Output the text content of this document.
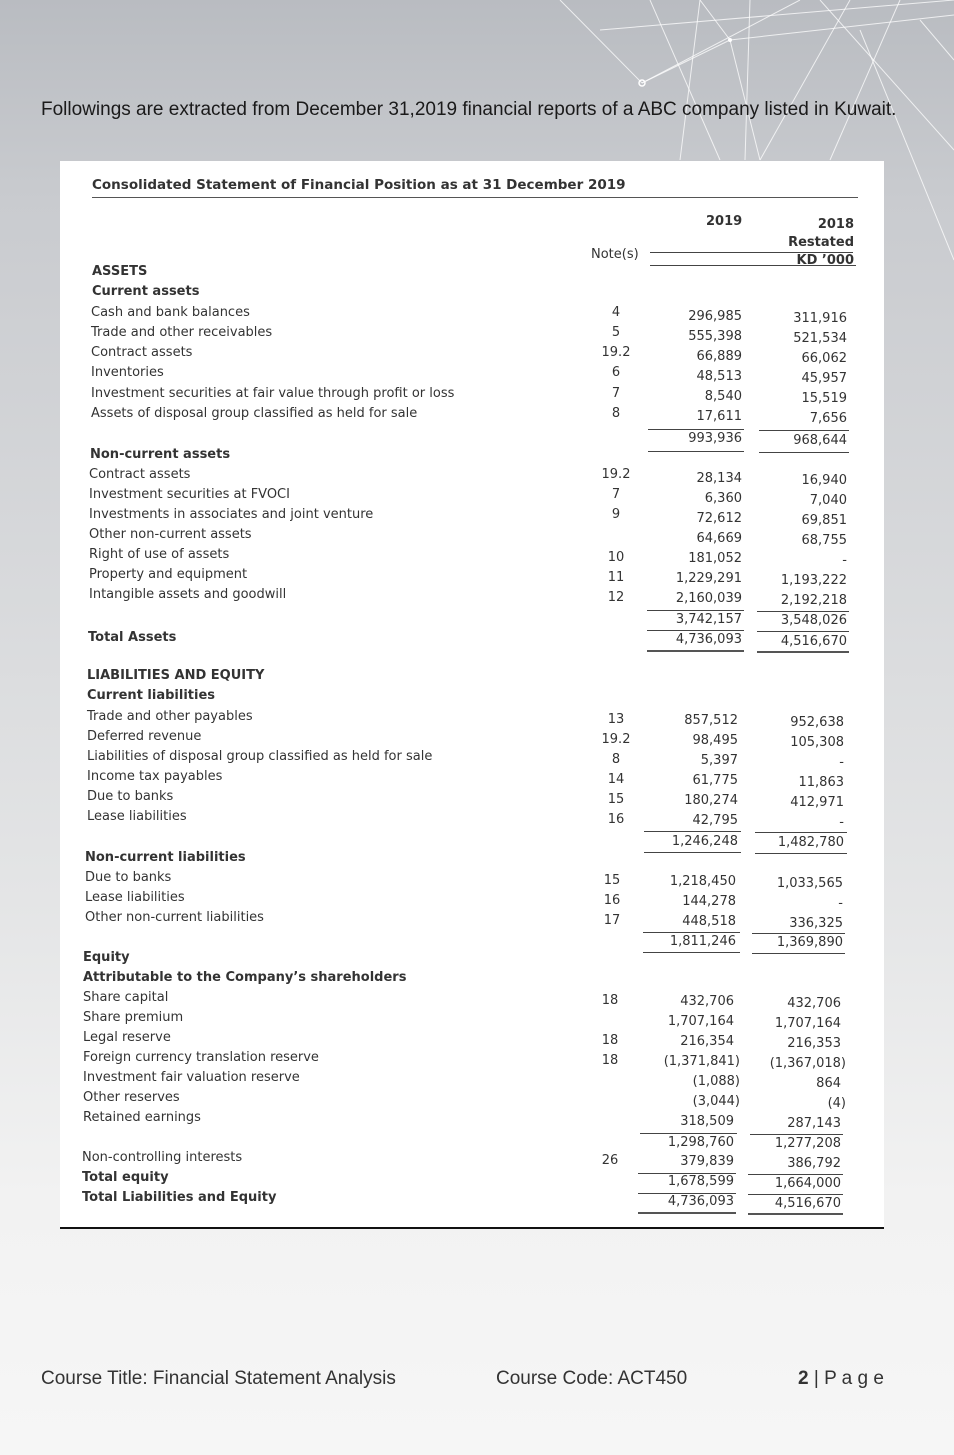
Followings are extracted from December 31,2019 financial reports of a ABC company listed in Kuwait.
Consolidated Statement of Financial Position as at 31 December 2019
2019	2018
Restated
KD ’000
Note(s)
ASSETS
Current assets
Cash and bank balances	4	296,985	311,916
Trade and other receivables	5	555,398	521,534
Contract assets	19.2	66,889	66,062
Inventories	6	48,513	45,957
Investment securities at fair value through profit or loss	7	8,540	15,519
Assets of disposal group classified as held for sale	8	17,611	7,656
993,936	968,644
Non-current assets
Contract assets	19.2	28,134	16,940
Investment securities at FVOCI	7	6,360	7,040
Investments in associates and joint venture	9	72,612	69,851
Other non-current assets	64,669	68,755
Right of use of assets	10	181,052	-
Property and equipment	11	1,229,291	1,193,222
Intangible assets and goodwill	12	2,160,039	2,192,218
3,742,157	3,548,026
Total Assets	4,736,093	4,516,670
LIABILITIES AND EQUITY
Current liabilities
Trade and other payables	13	857,512	952,638
Deferred revenue	19.2	98,495	105,308
Liabilities of disposal group classified as held for sale	8	5,397	-
Income tax payables	14	61,775	11,863
Due to banks	15	180,274	412,971
Lease liabilities	16	42,795	-
1,246,248	1,482,780
Non-current liabilities
Due to banks	15	1,218,450	1,033,565
Lease liabilities	16	144,278	-
Other non-current liabilities	17	448,518	336,325
1,811,246	1,369,890
Equity
Attributable to the Company’s shareholders
Share capital	18	432,706	432,706
Share premium	1,707,164	1,707,164
Legal reserve	18	216,354	216,353
Foreign currency translation reserve	18	(1,371,841) (1,367,018)
Investment fair valuation reserve	(1,088)	864
Other reserves	(3,044)	(4)
Retained earnings	318,509	287,143
1,298,760	1,277,208
Non-controlling interests	26	379,839	386,792
Total equity	1,678,599	1,664,000
Total Liabilities and Equity	4,736,093	4,516,670
Course Title: Financial Statement Analysis	Course Code: ACT450	2 | P a g e
